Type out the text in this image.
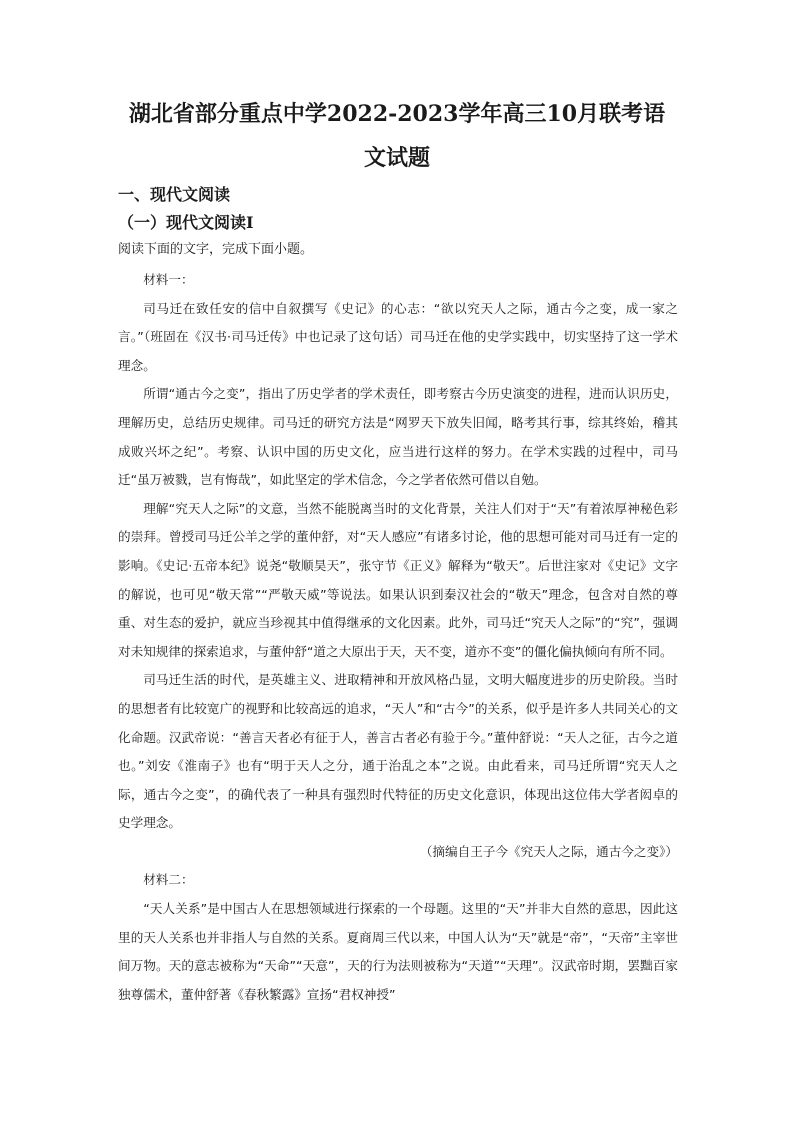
湖北省部分重点中学2022-2023学年高三10月联考语文试题
一、现代文阅读
（一）现代文阅读Ⅰ
阅读下面的文字，完成下面小题。

材料一：

司马迁在致任安的信中自叙撰写《史记》的心志：“欲以究天人之际，通古今之变，成一家之言。”（班固在《汉书·司马迁传》中也记录了这句话）司马迁在他的史学实践中，切实坚持了这一学术理念。

所谓“通古今之变”，指出了历史学者的学术责任，即考察古今历史演变的进程，进而认识历史，理解历史，总结历史规律。司马迁的研究方法是“网罗天下放失旧闻，略考其行事，综其终始，稽其成败兴坏之纪”。考察、认识中国的历史文化，应当进行这样的努力。在学术实践的过程中，司马迁“虽万被戮，岂有悔哉”，如此坚定的学术信念，今之学者依然可借以自勉。

理解“究天人之际”的文意，当然不能脱离当时的文化背景，关注人们对于“天”有着浓厚神秘色彩的崇拜。曾授司马迁公羊之学的董仲舒，对“天人感应”有诸多讨论，他的思想可能对司马迁有一定的影响。《史记·五帝本纪》说尧“敬顺昊天”，张守节《正义》解释为“敬天”。后世注家对《史记》文字的解说，也可见“敬天常”“严敬天威”等说法。如果认识到秦汉社会的“敬天”理念，包含对自然的尊重、对生态的爱护，就应当珍视其中值得继承的文化因素。此外，司马迁“究天人之际”的“究”，强调对未知规律的探索追求，与董仲舒“道之大原出于天，天不变，道亦不变”的僵化偏执倾向有所不同。

司马迁生活的时代，是英雄主义、进取精神和开放风格凸显，文明大幅度进步的历史阶段。当时的思想者有比较宽广的视野和比较高远的追求，“天人”和“古今”的关系，似乎是许多人共同关心的文化命题。汉武帝说：“善言天者必有征于人，善言古者必有验于今。”董仲舒说：“天人之征，古今之道也。”刘安《淮南子》也有“明于天人之分，通于治乱之本”之说。由此看来，司马迁所谓“究天人之际，通古今之变”，的确代表了一种具有强烈时代特征的历史文化意识，体现出这位伟大学者闳卓的史学理念。

（摘编自王子今《究天人之际，通古今之变》）

材料二：

“天人关系”是中国古人在思想领域进行探索的一个母题。这里的“天”并非大自然的意思，因此这里的天人关系也并非指人与自然的关系。夏商周三代以来，中国人认为“天”就是“帝”，“天帝”主宰世间万物。天的意志被称为“天命”“天意”，天的行为法则被称为“天道”“天理”。汉武帝时期，罢黜百家独尊儒术，董仲舒著《春秋繁露》宣扬“君权神授”
